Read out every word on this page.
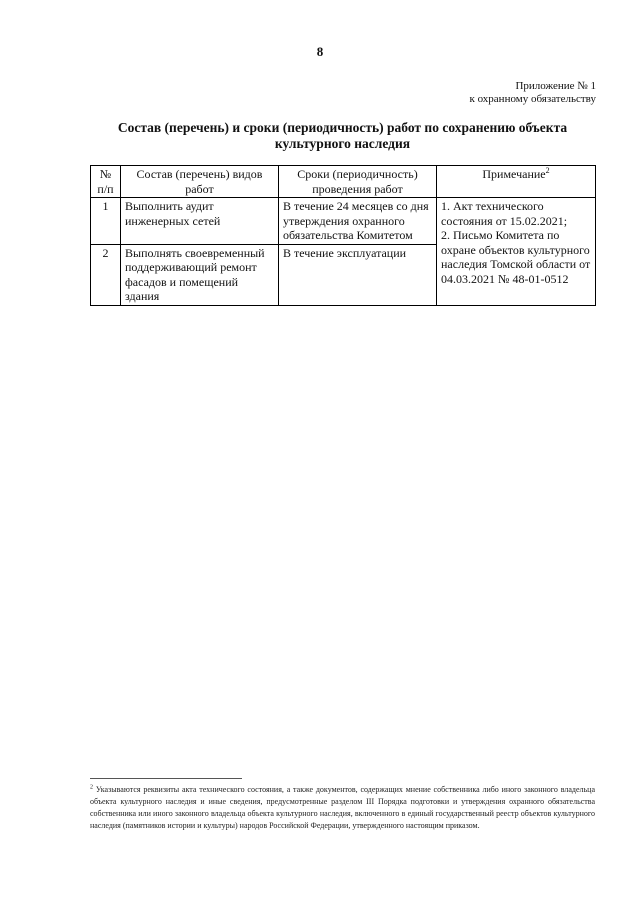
8
Приложение № 1
к охранному обязательству
Состав (перечень) и сроки (периодичность) работ по сохранению объекта культурного наследия
№ п/п	Состав (перечень) видов работ	Сроки (периодичность) проведения работ	Примечание$^2$
1	Выполнить аудит инженерных сетей	В течение 24 месяцев со дня утверждения охранного обязательства Комитетом	1. Акт технического состояния от 15.02.2021;
2. Письмо Комитета по охране объектов культурного наследия Томской области от 04.03.2021 № 48-01-0512

2	Выполнять своевременный поддерживающий ремонт фасадов и помещений здания	В течение эксплуатации	
$^2$ Указываются реквизиты акта технического состояния, а также документов, содержащих мнение собственника либо иного законного владельца объекта культурного наследия и иные сведения, предусмотренные разделом III Порядка подготовки и утверждения охранного обязательства собственника или иного законного владельца объекта культурного наследия, включенного в единый государственный реестр объектов культурного наследия (памятников истории и культуры) народов Российской Федерации, утвержденного настоящим приказом.
